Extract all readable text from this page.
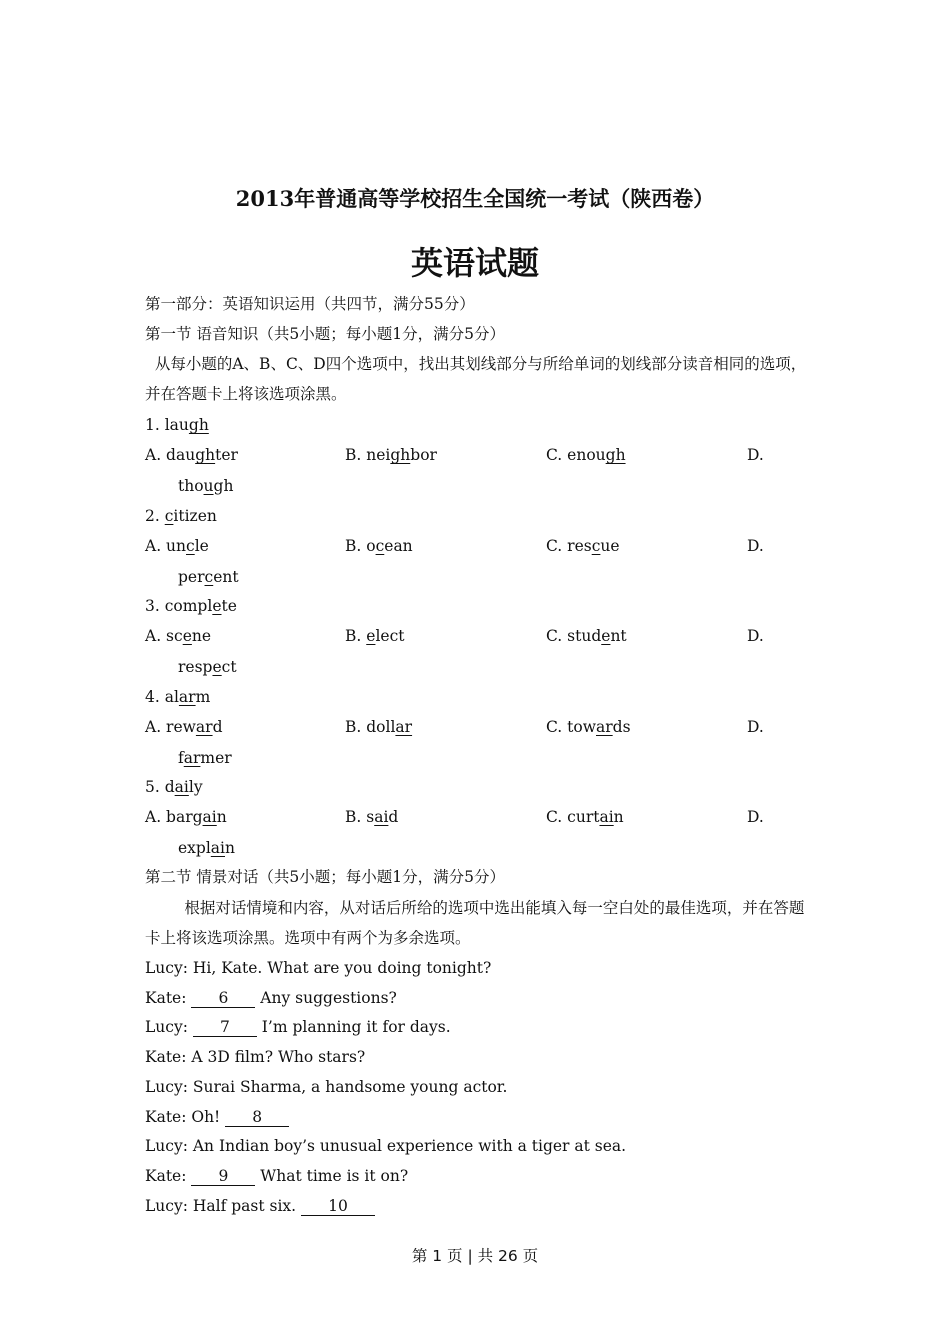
2013年普通高等学校招生全国统一考试（陕西卷）
英语试题
第一部分：英语知识运用（共四节，满分55分）
第一节 语音知识（共5小题；每小题1分，满分5分）
从每小题的A、B、C、D四个选项中，找出其划线部分与所给单词的划线部分读音相同的选项，并在答题卡上将该选项涂黑。
1. laugh
A. daughter	B. neighbor	C. enough	D.
though
2. citizen
A. uncle	B. ocean	C. rescue	D.
percent
3. complete
A. scene	B. elect	C. student	D.
respect
4. alarm
A. reward	B. dollar	C. towards	D.
farmer
5. daily
A. bargain	B. said	C. curtain	D.
explain
第二节 情景对话（共5小题；每小题1分，满分5分）
根据对话情境和内容，从对话后所给的选项中选出能填入每一空白处的最佳选项，并在答题卡上将该选项涂黑。选项中有两个为多余选项。
Lucy: Hi, Kate. What are you doing tonight?
Kate: 6 Any suggestions?
Lucy: 7 I’m planning it for days.
Kate: A 3D film? Who stars?
Lucy: Surai Sharma, a handsome young actor.
Kate: Oh! 8
Lucy: An Indian boy’s unusual experience with a tiger at sea.
Kate: 9 What time is it on?
Lucy: Half past six. 10
第 1 页 | 共 26 页
